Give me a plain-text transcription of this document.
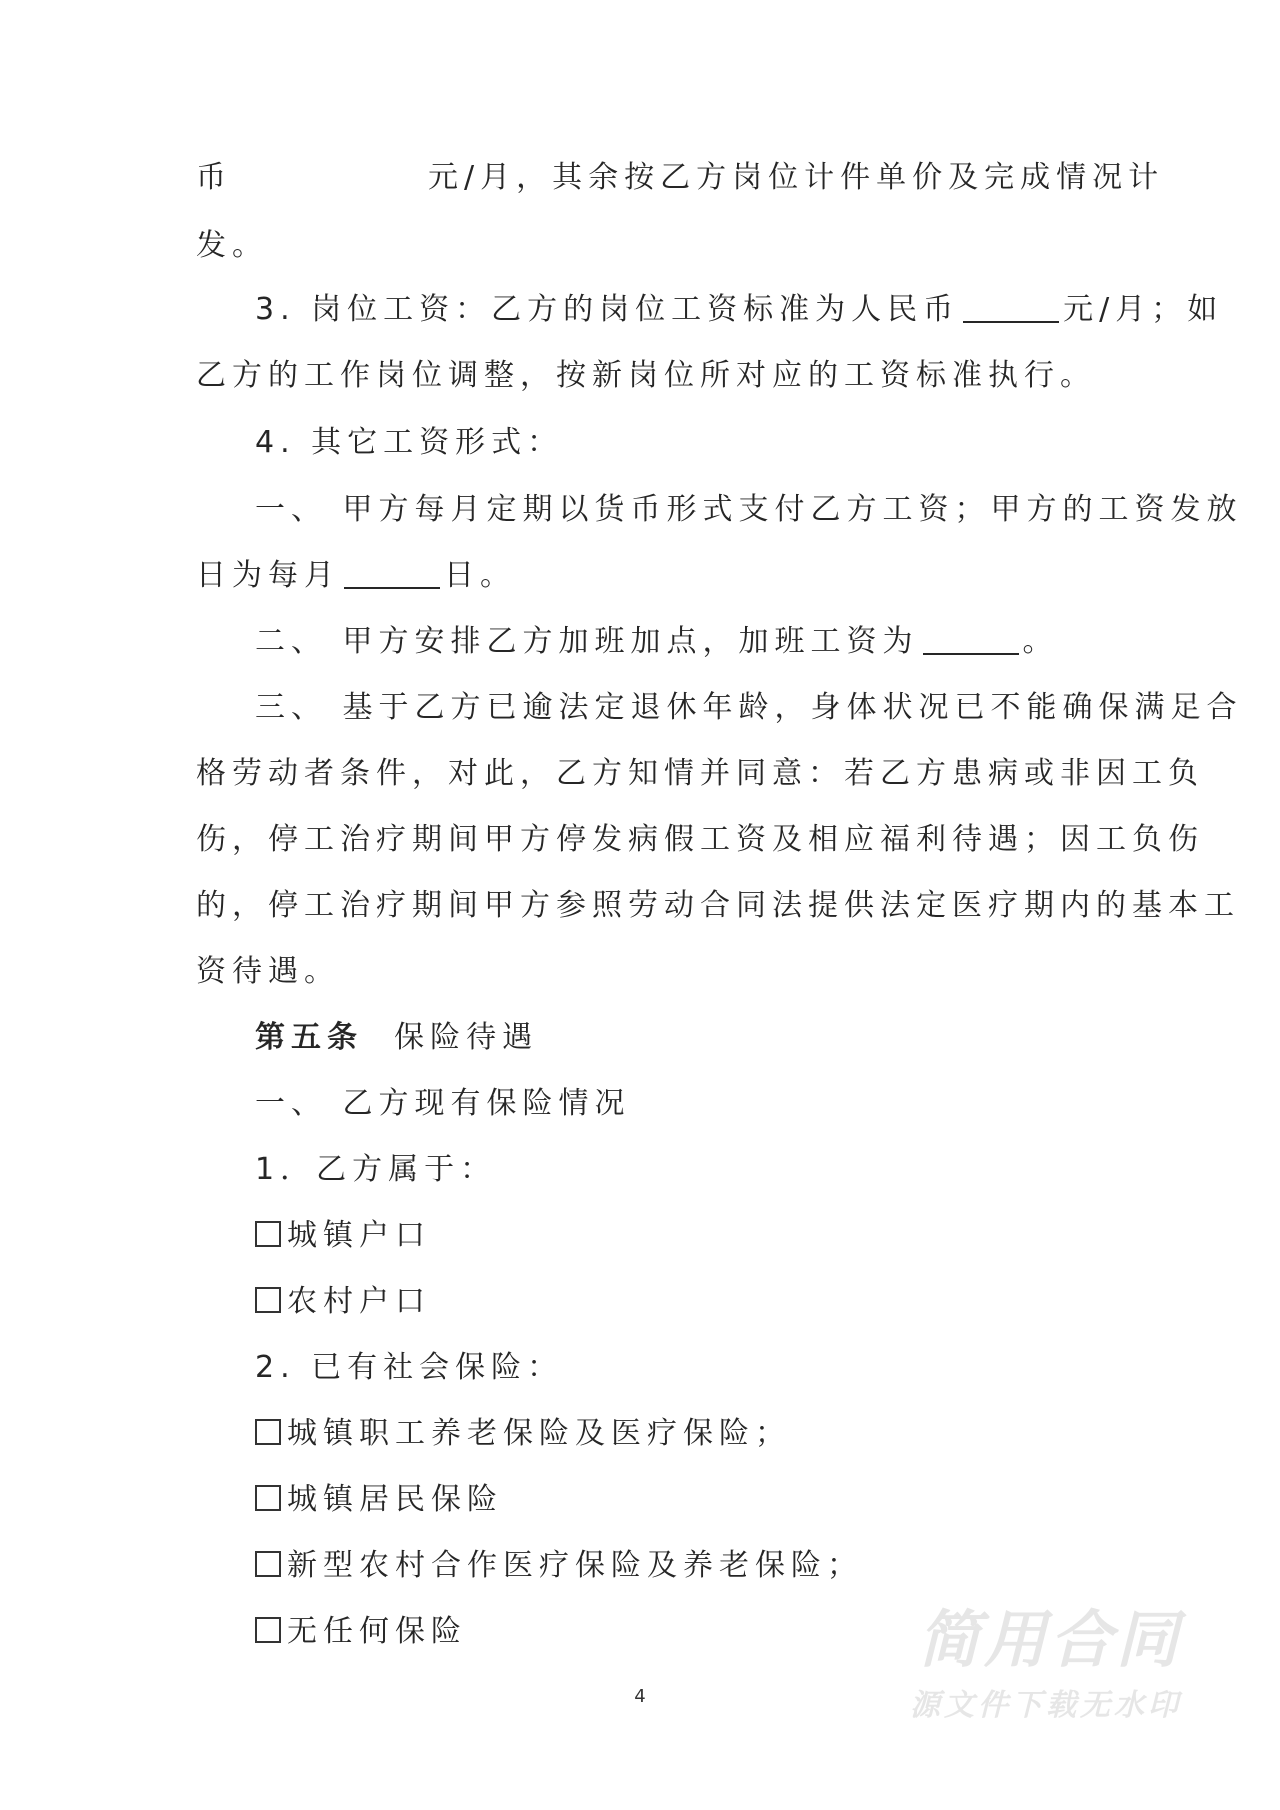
币	元/月，其余按乙方岗位计件单价及完成情况计
发。
3. 岗位工资：乙方的岗位工资标准为人民币	元/月；如
乙方的工作岗位调整，按新岗位所对应的工资标准执行。
4. 其它工资形式：
一、 甲方每月定期以货币形式支付乙方工资；甲方的工资发放
日为每月	日。
二、 甲方安排乙方加班加点，加班工资为	。
三、 基于乙方已逾法定退休年龄，身体状况已不能确保满足合
格劳动者条件，对此，乙方知情并同意：若乙方患病或非因工负
伤，停工治疗期间甲方停发病假工资及相应福利待遇；因工负伤
的，停工治疗期间甲方参照劳动合同法提供法定医疗期内的基本工
资待遇。
第五条 保险待遇
一、 乙方现有保险情况
1．乙方属于：
城镇户口
农村户口
2. 已有社会保险：
城镇职工养老保险及医疗保险；
城镇居民保险
新型农村合作医疗保险及养老保险；
无任何保险
4
简用合同
源文件下载无水印
